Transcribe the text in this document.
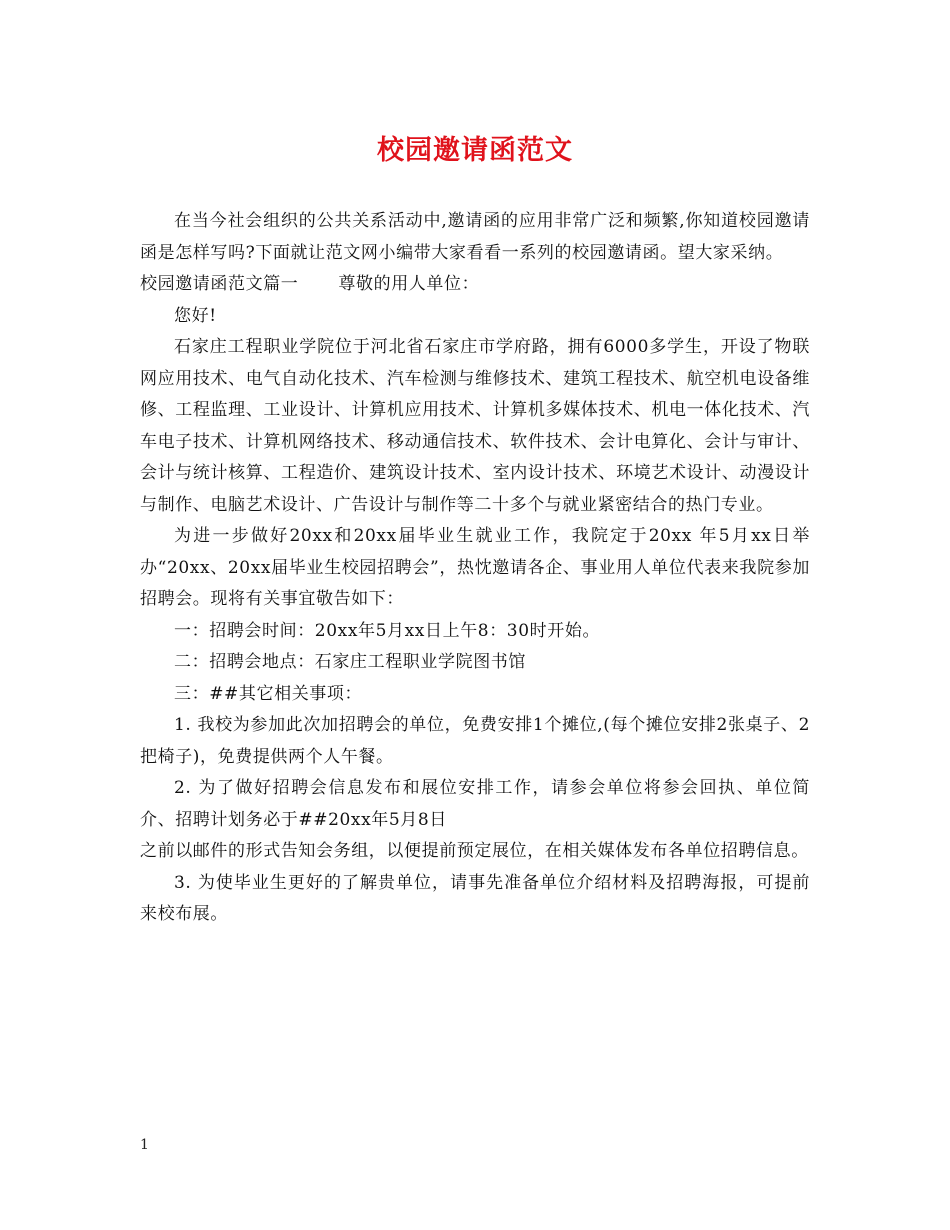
校园邀请函范文

在当今社会组织的公共关系活动中,邀请函的应用非常广泛和频繁,你知道校园邀请函是怎样写吗?下面就让范文网小编带大家看看一系列的校园邀请函。望大家采纳。

校园邀请函范文篇一 尊敬的用人单位：

您好!

石家庄工程职业学院位于河北省石家庄市学府路，拥有6000多学生，开设了物联网应用技术、电气自动化技术、汽车检测与维修技术、建筑工程技术、航空机电设备维修、工程监理、工业设计、计算机应用技术、计算机多媒体技术、机电一体化技术、汽车电子技术、计算机网络技术、移动通信技术、软件技术、会计电算化、会计与审计、会计与统计核算、工程造价、建筑设计技术、室内设计技术、环境艺术设计、动漫设计与制作、电脑艺术设计、广告设计与制作等二十多个与就业紧密结合的热门专业。

为进一步做好20xx和20xx届毕业生就业工作，我院定于20xx 年5月xx日举办“20xx、20xx届毕业生校园招聘会”，热忱邀请各企、事业用人单位代表来我院参加招聘会。现将有关事宜敬告如下：

一：招聘会时间：20xx年5月xx日上午8：30时开始。

二：招聘会地点：石家庄工程职业学院图书馆

三：##其它相关事项：

1. 我校为参加此次加招聘会的单位，免费安排1个摊位,(每个摊位安排2张桌子、2把椅子)，免费提供两个人午餐。

2. 为了做好招聘会信息发布和展位安排工作，请参会单位将参会回执、单位简介、招聘计划务必于##20xx年5月8日

之前以邮件的形式告知会务组，以便提前预定展位，在相关媒体发布各单位招聘信息。

3. 为使毕业生更好的了解贵单位，请事先准备单位介绍材料及招聘海报，可提前来校布展。

1
